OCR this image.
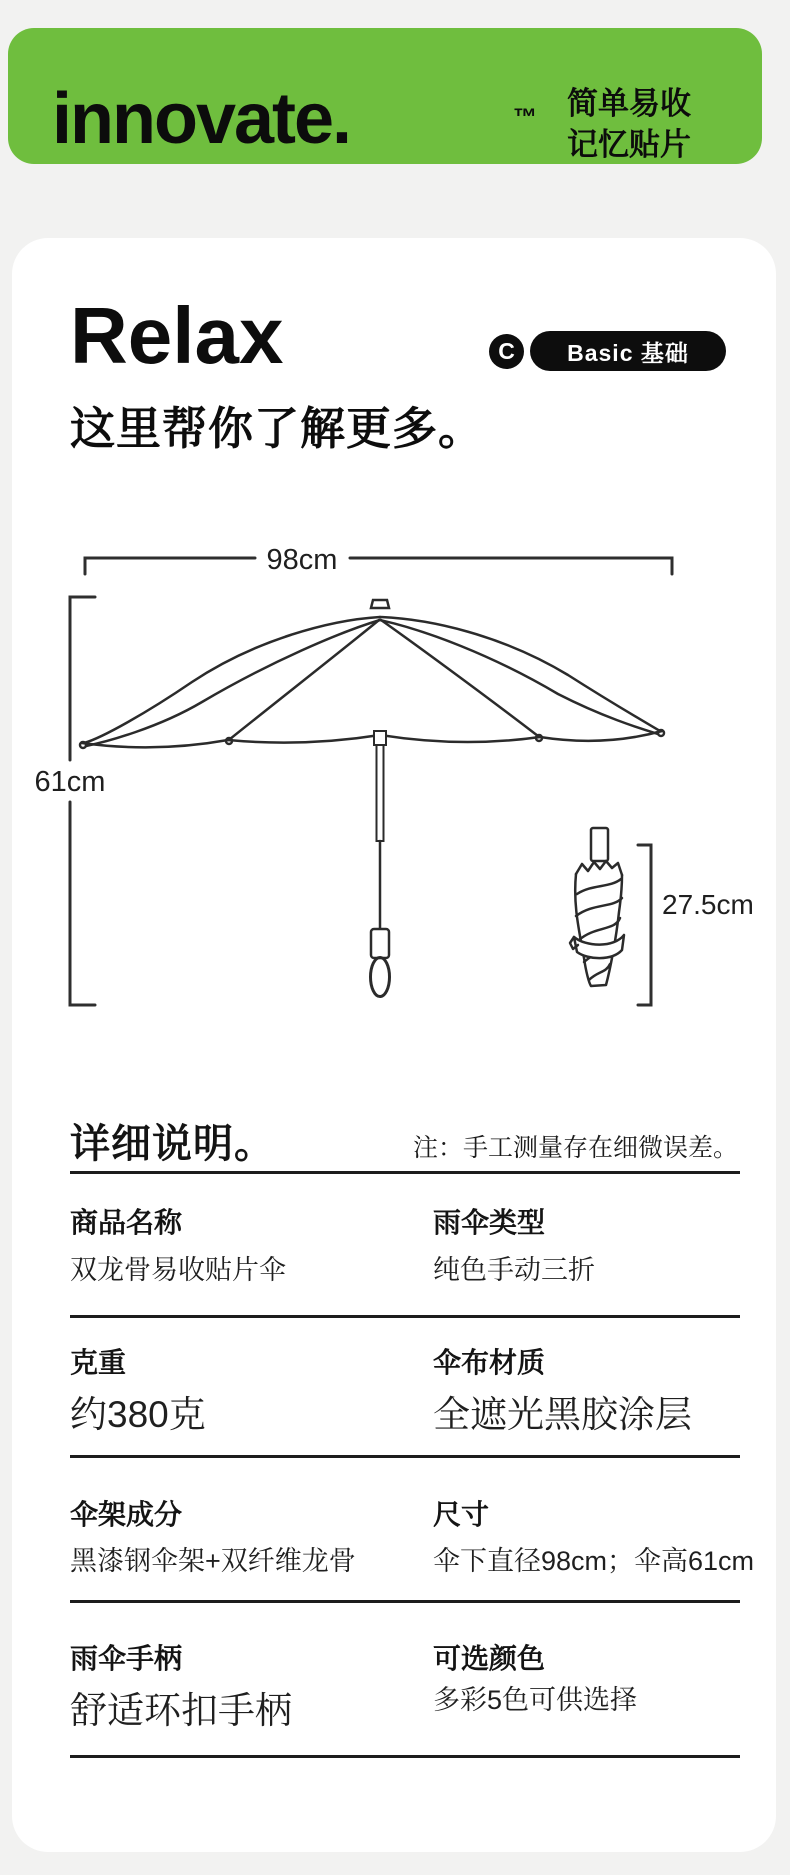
innovate.	™ 简单易收
记忆贴片
Relax	C	Basic 基础
这里帮你了解更多。
98cm
61cm
27.5cm
详细说明。	注：手工测量存在细微误差。
商品名称	雨伞类型
双龙骨易收贴片伞	纯色手动三折
克重	伞布材质
约380克	全遮光黑胶涂层
伞架成分	尺寸
黑漆钢伞架+双纤维龙骨	伞下直径98cm；伞高61cm
雨伞手柄	可选颜色
舒适环扣手柄	多彩5色可供选择
